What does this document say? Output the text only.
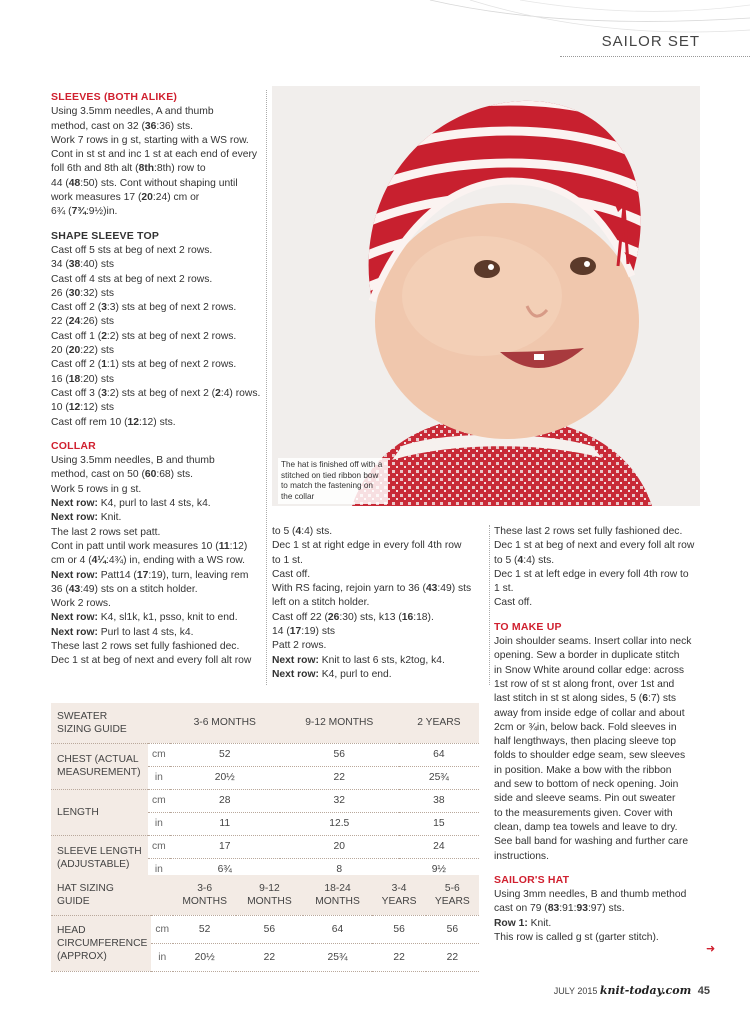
SAILOR SET
SLEEVES (BOTH ALIKE)
Using 3.5mm needles, A and thumb
method, cast on 32 (36:36) sts.
Work 7 rows in g st, starting with a WS row.
Cont in st st and inc 1 st at each end of every
foll 6th and 8th alt (8th:8th) row to
44 (48:50) sts. Cont without shaping until
work measures 17 (20:24) cm or
6¾ (7¾:9½)in.
SHAPE SLEEVE TOP
Cast off 5 sts at beg of next 2 rows.
34 (38:40) sts
Cast off 4 sts at beg of next 2 rows.
26 (30:32) sts
Cast off 2 (3:3) sts at beg of next 2 rows.
22 (24:26) sts
Cast off 1 (2:2) sts at beg of next 2 rows.
20 (20:22) sts
Cast off 2 (1:1) sts at beg of next 2 rows.
16 (18:20) sts
Cast off 3 (3:2) sts at beg of next 2 (2:4) rows.
10 (12:12) sts
Cast off rem 10 (12:12) sts.
COLLAR
Using 3.5mm needles, B and thumb
method, cast on 50 (60:68) sts.
Work 5 rows in g st.
Next row: K4, purl to last 4 sts, k4.
Next row: Knit.
The last 2 rows set patt.
Cont in patt until work measures 10 (11:12)
cm or 4 (4¼:4¾) in, ending with a WS row.
Next row: Patt14 (17:19), turn, leaving rem
36 (43:49) sts on a stitch holder.
Work 2 rows.
Next row: K4, sl1k, k1, psso, knit to end.
Next row: Purl to last 4 sts, k4.
These last 2 rows set fully fashioned dec.
Dec 1 st at beg of next and every foll alt row
to 5 (4:4) sts.
Dec 1 st at right edge in every foll 4th row
to 1 st.
Cast off.
With RS facing, rejoin yarn to 36 (43:49) sts
left on a stitch holder.
Cast off 22 (26:30) sts, k13 (16:18).
14 (17:19) sts
Patt 2 rows.
Next row: Knit to last 6 sts, k2tog, k4.
Next row: K4, purl to end.
These last 2 rows set fully fashioned dec.
Dec 1 st at beg of next and every foll alt row
to 5 (4:4) sts.
Dec 1 st at left edge in every foll 4th row to
1 st.
Cast off.
TO MAKE UP
Join shoulder seams. Insert collar into neck
opening. Sew a border in duplicate stitch
in Snow White around collar edge: across
1st row of st st along front, over 1st and
last stitch in st st along sides, 5 (6:7) sts
away from inside edge of collar and about
2cm or ¾in, below back. Fold sleeves in
half lengthways, then placing sleeve top
folds to shoulder edge seam, sew sleeves
in position. Make a bow with the ribbon
and sew to bottom of neck opening. Join
side and sleeve seams. Pin out sweater
to the measurements given. Cover with
clean, damp tea towels and leave to dry.
See ball band for washing and further care
instructions.
SAILOR'S HAT
Using 3mm needles, B and thumb method
cast on 79 (83:91:93:97) sts.
Row 1: Knit.
This row is called g st (garter stitch).
The hat is finished off with a stitched on tied ribbon bow to match the fastening on the collar
SWEATER SIZING GUIDE		3-6 MONTHS	9-12 MONTHS	2 YEARS
CHEST (ACTUAL MEASUREMENT)	cm	52	56	64
	in	20½	22	25¾
LENGTH	cm	28	32	38
	in	11	12.5	15
SLEEVE LENGTH (ADJUSTABLE)	cm	17	20	24
	in	6¾	8	9½
HAT SIZING GUIDE		3-6 MONTHS	9-12 MONTHS	18-24 MONTHS	3-4 YEARS	5-6 YEARS
HEAD CIRCUMFERENCE (APPROX)	cm	52	56	64	56	56
	in	20½	22	25¾	22	22
➜
JULY 2015 knit-today.com 45
